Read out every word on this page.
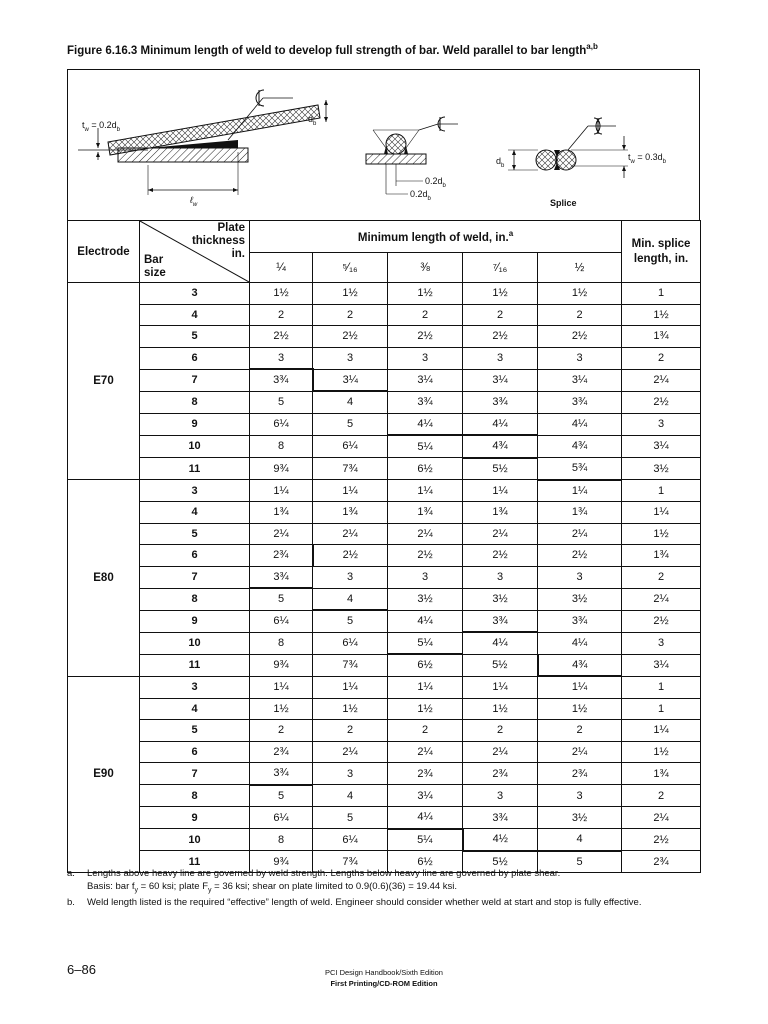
Figure 6.16.3 Minimum length of weld to develop full strength of bar. Weld parallel to bar length$^{a,b}$
$t_w = 0.2d_b$
$d_b$
ℓ$_w$
$0.2d_b$
$0.2d_b$
$d_b$
$t_w = 0.3d_b$
Splice
Electrode	Plate
thickness
in.
Bar
size	Minimum length of weld, in.$^a$					Min. splice length, in.
		¼	⁵⁄₁₆	⅜	⁷⁄₁₆	½	
E70	3	1½	1½	1½	1½	1½	1
	4	2	2	2	2	2	1½
	5	2½	2½	2½	2½	2½	1¾
	6	3	3	3	3	3	2
	7	3¾	3¼	3¼	3¼	3¼	2¼
	8	5	4	3¾	3¾	3¾	2½
	9	6¼	5	4¼	4¼	4¼	3
	10	8	6¼	5¼	4¾	4¾	3¼
	11	9¾	7¾	6½	5½	5¾	3½
E80	3	1¼	1¼	1¼	1¼	1¼	1
	4	1¾	1¾	1¾	1¾	1¾	1¼
	5	2¼	2¼	2¼	2¼	2¼	1½
	6	2¾	2½	2½	2½	2½	1¾
	7	3¾	3	3	3	3	2
	8	5	4	3½	3½	3½	2¼
	9	6¼	5	4¼	3¾	3¾	2½
	10	8	6¼	5¼	4¼	4¼	3
	11	9¾	7¾	6½	5½	4¾	3¼
E90	3	1¼	1¼	1¼	1¼	1¼	1
	4	1½	1½	1½	1½	1½	1
	5	2	2	2	2	2	1¼
	6	2¾	2¼	2¼	2¼	2¼	1½
	7	3¾	3	2¾	2¾	2¾	1¾
	8	5	4	3¼	3	3	2
	9	6¼	5	4¼	3¾	3½	2¼
	10	8	6¼	5¼	4½	4	2½
	11	9¾	7¾	6½	5½	5	2¾
a. Lengths above heavy line are governed by weld strength. Lengths below heavy line are governed by plate shear.
Basis: bar $f_y = 60$ ksi; plate $F_y = 36$ ksi; shear on plate limited to 0.9(0.6)(36) = 19.44 ksi.
b. Weld length listed is the required “effective” length of weld. Engineer should consider whether weld at start and stop is fully effective.
6–86	PCI Design Handbook/Sixth Edition
First Printing/CD-ROM Edition
